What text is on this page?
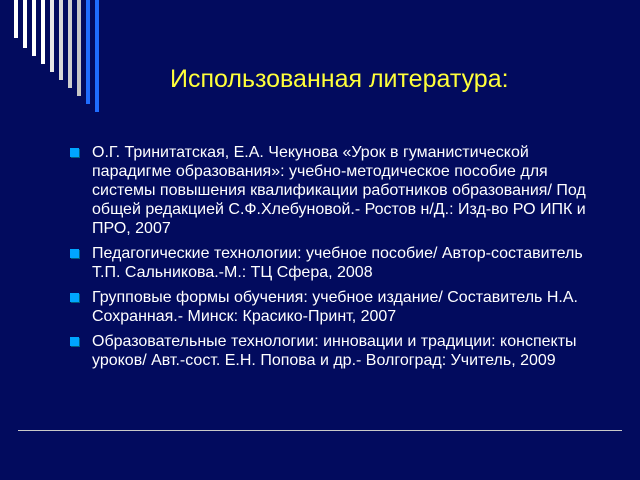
Использованная литература:
О.Г. Тринитатская, Е.А. Чекунова «Урок в гуманистической парадигме образования»: учебно-методическое пособие для системы повышения квалификации работников образования/ Под общей редакцией С.Ф.Хлебуновой.- Ростов н/Д.: Изд-во РО ИПК и ПРО, 2007
Педагогические технологии: учебное пособие/ Автор-составитель Т.П. Сальникова.-М.: ТЦ Сфера, 2008
Групповые формы обучения: учебное издание/ Составитель Н.А. Сохранная.- Минск: Красико-Принт, 2007
Образовательные технологии: инновации и традиции: конспекты уроков/ Авт.-сост. Е.Н. Попова и др.- Волгоград: Учитель, 2009
